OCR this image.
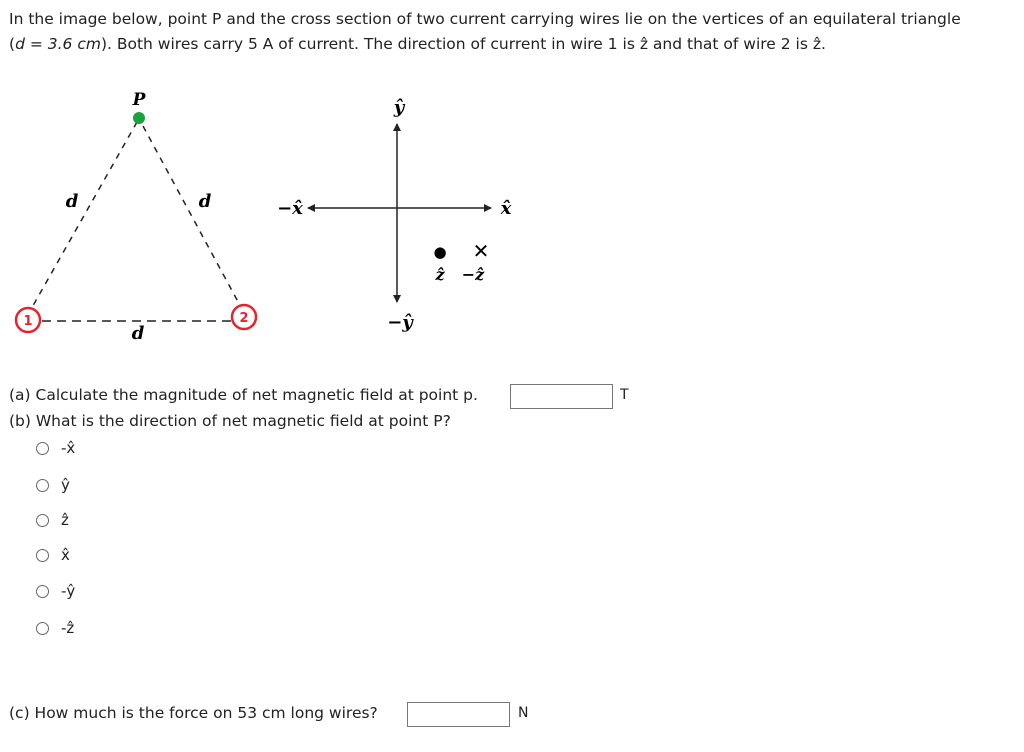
In the image below, point P and the cross section of two current carrying wires lie on the vertices of an equilateral triangle
(d = 3.6 cm). Both wires carry 5 A of current. The direction of current in wire 1 is ẑ and that of wire 2 is ẑ.
P
d	d
d
1	2
ŷ
−ŷ
x̂
−x̂
● ✕
ẑ −ẑ
(a) Calculate the magnitude of net magnetic field at point p.	T
(b) What is the direction of net magnetic field at point P?
-x̂
ŷ
ẑ
x̂
-ŷ
-ẑ
(c) How much is the force on 53 cm long wires?	N
